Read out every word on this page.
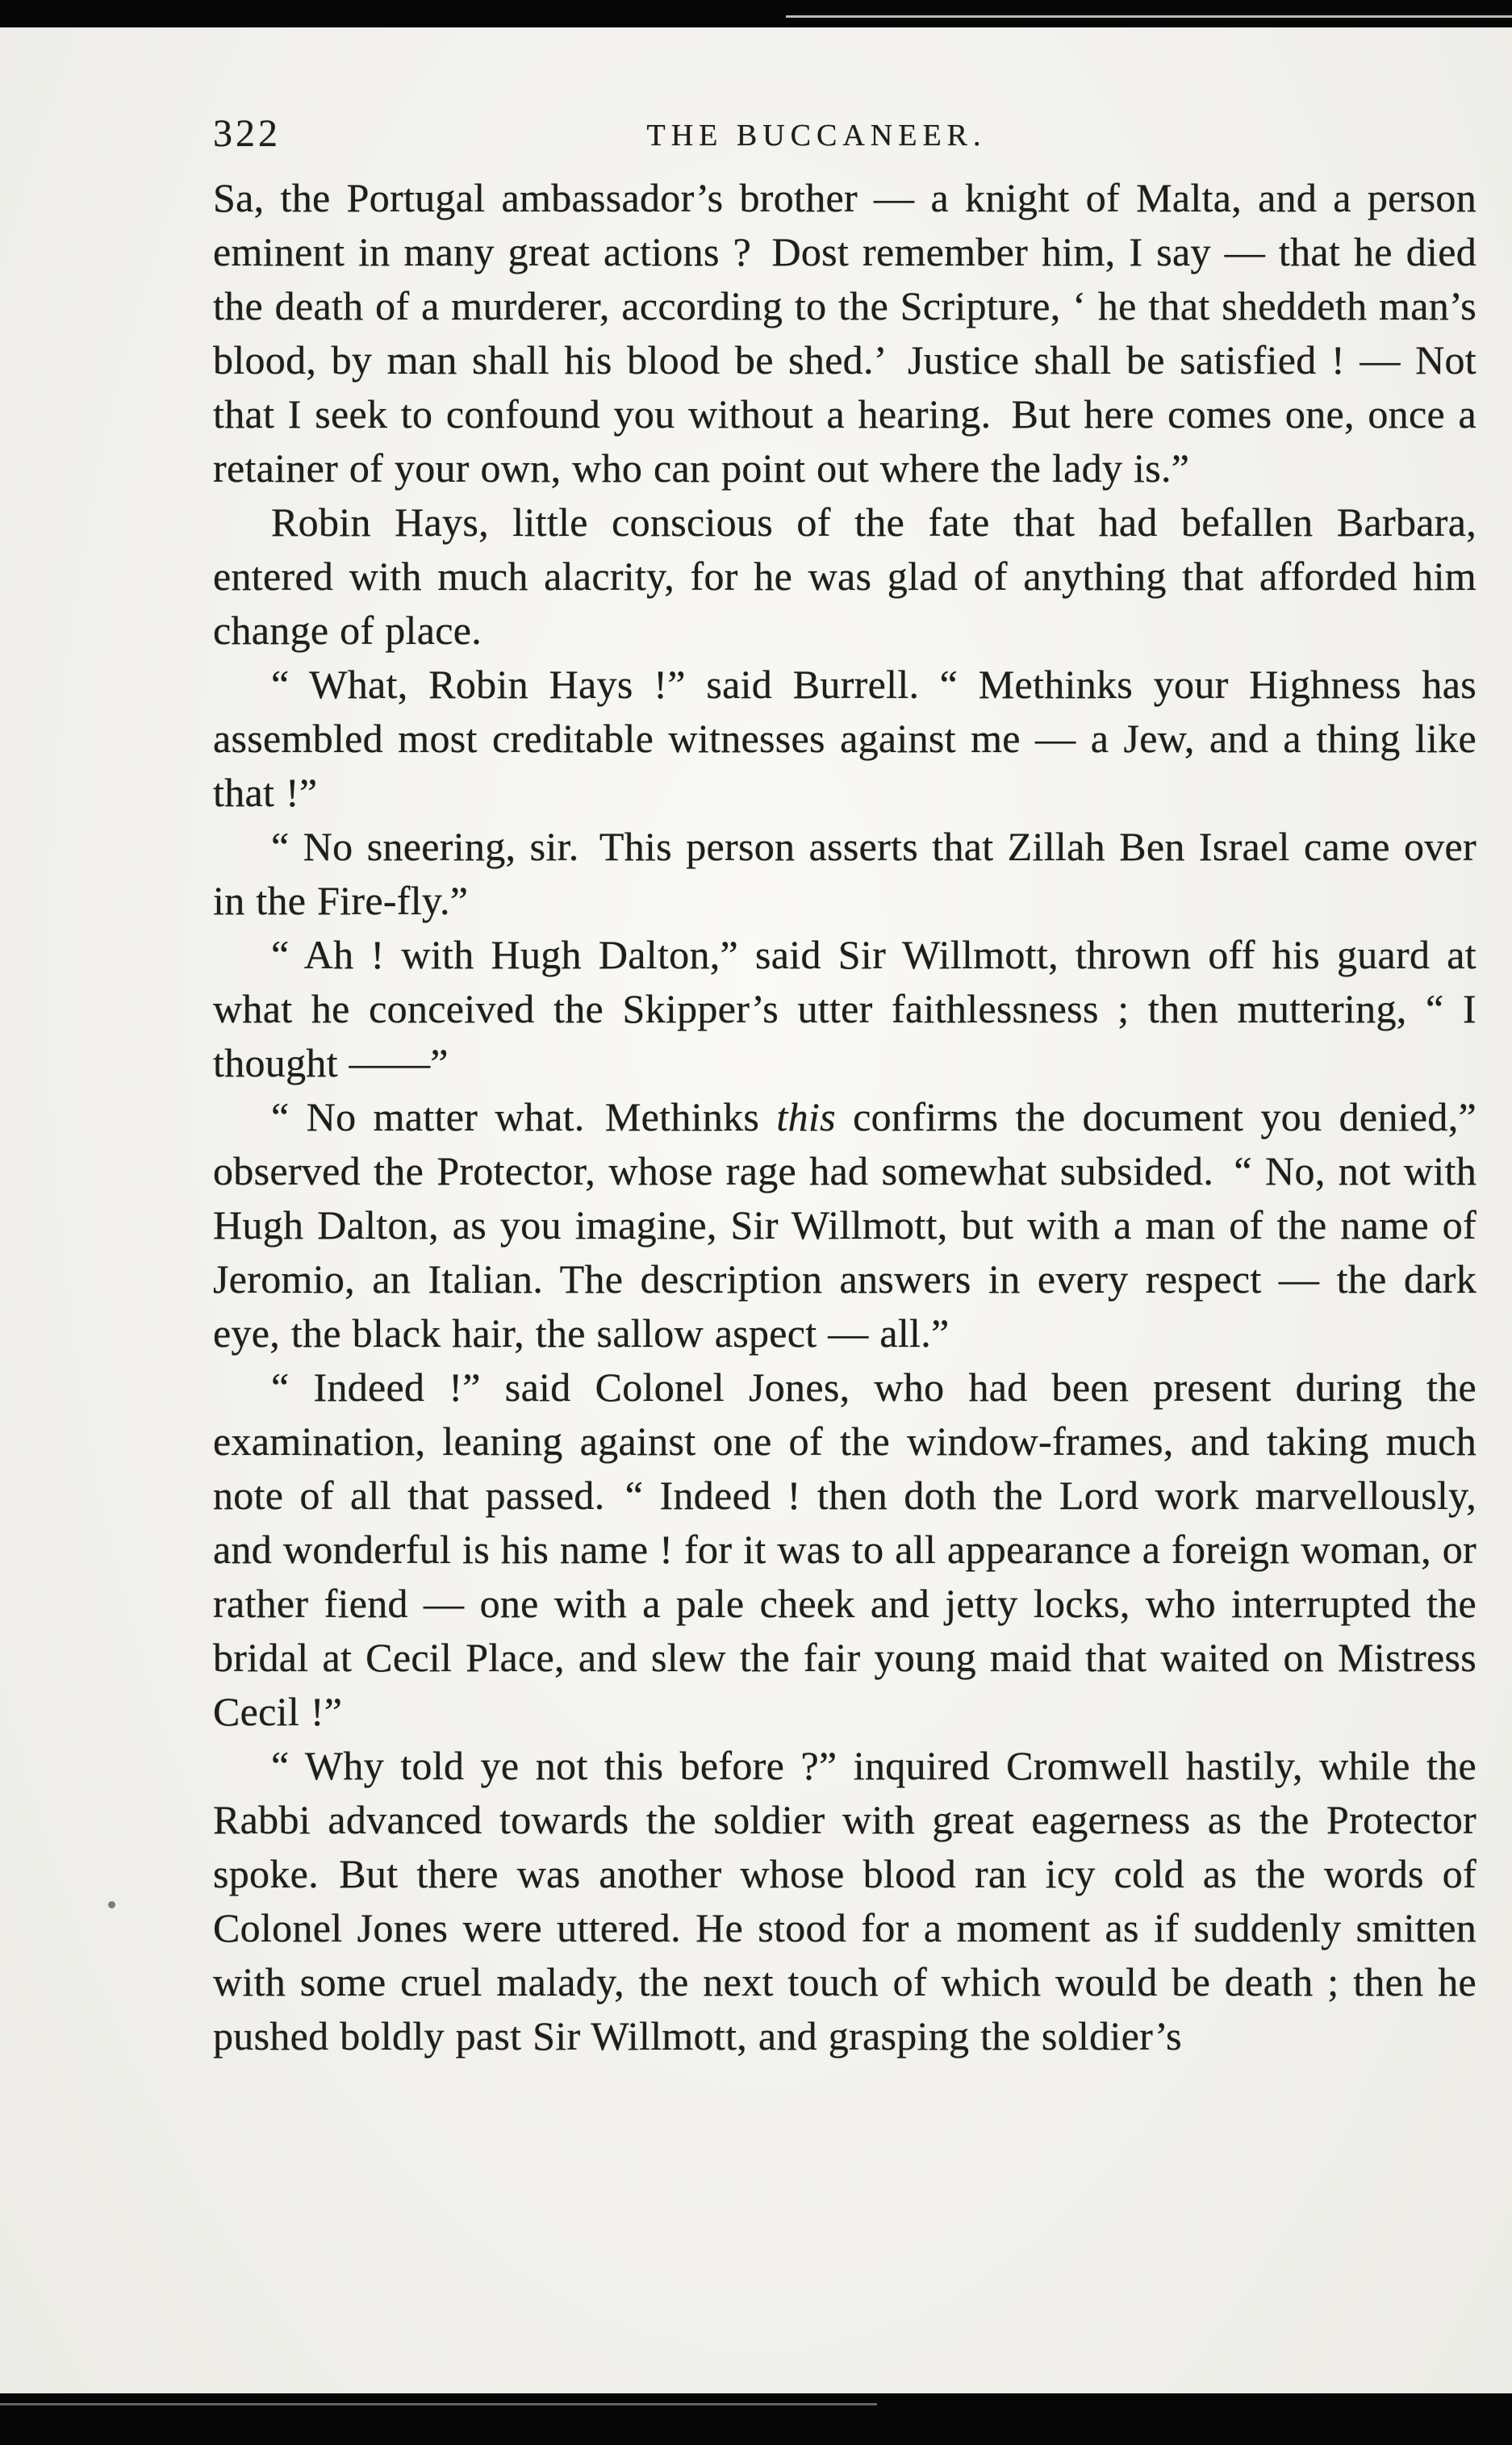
322	THE BUCCANEER.

Sa, the Portugal ambassador’s brother — a knight of Malta, and a person eminent in many great actions ? Dost remember him, I say — that he died the death of a murderer, according to the Scripture, ‘ he that sheddeth man’s blood, by man shall his blood be shed.’ Justice shall be satisfied ! — Not that I seek to confound you without a hearing. But here comes one, once a retainer of your own, who can point out where the lady is.”

Robin Hays, little conscious of the fate that had befallen Barbara, entered with much alacrity, for he was glad of anything that afforded him change of place.

“ What, Robin Hays !” said Burrell. “ Methinks your Highness has assembled most creditable witnesses against me — a Jew, and a thing like that !”

“ No sneering, sir. This person asserts that Zillah Ben Israel came over in the Fire-fly.”

“ Ah ! with Hugh Dalton,” said Sir Willmott, thrown off his guard at what he conceived the Skipper’s utter faithlessness ; then muttering, “ I thought ——”

“ No matter what. Methinks this confirms the document you denied,” observed the Protector, whose rage had somewhat subsided. “ No, not with Hugh Dalton, as you imagine, Sir Willmott, but with a man of the name of Jeromio, an Italian. The description answers in every respect — the dark eye, the black hair, the sallow aspect — all.”

“ Indeed !” said Colonel Jones, who had been present during the examination, leaning against one of the window-frames, and taking much note of all that passed. “ Indeed ! then doth the Lord work marvellously, and wonderful is his name ! for it was to all appearance a foreign woman, or rather fiend — one with a pale cheek and jetty locks, who interrupted the bridal at Cecil Place, and slew the fair young maid that waited on Mistress Cecil !”

“ Why told ye not this before ?” inquired Cromwell hastily, while the Rabbi advanced towards the soldier with great eagerness as the Protector spoke. But there was another whose blood ran icy cold as the words of Colonel Jones were uttered. He stood for a moment as if suddenly smitten with some cruel malady, the next touch of which would be death ; then he pushed boldly past Sir Willmott, and grasping the soldier’s
